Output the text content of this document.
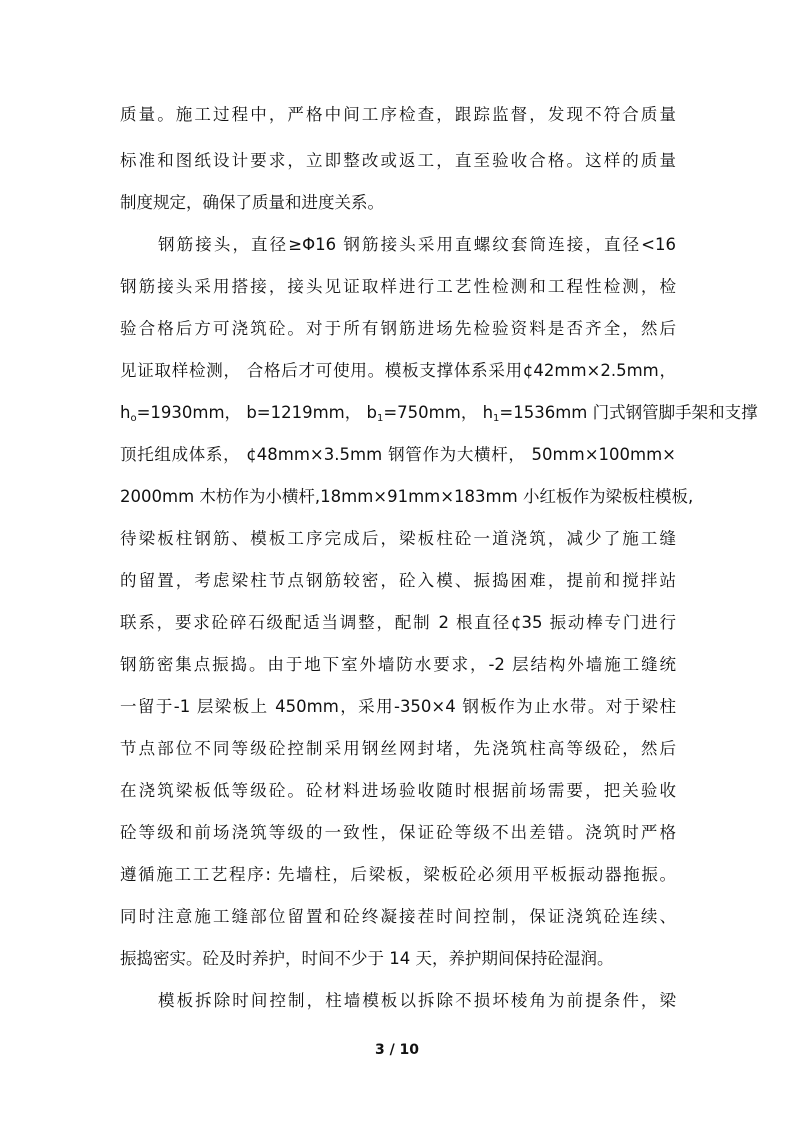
质量。施工过程中，严格中间工序检查，跟踪监督，发现不符合质量
标准和图纸设计要求，立即整改或返工，直至验收合格。这样的质量
制度规定，确保了质量和进度关系。
钢筋接头，直径≥Φ16 钢筋接头采用直螺纹套筒连接，直径<16
钢筋接头采用搭接，接头见证取样进行工艺性检测和工程性检测，检
验合格后方可浇筑砼。对于所有钢筋进场先检验资料是否齐全，然后
见证取样检测， 合格后才可使用。模板支撑体系采用¢42mm×2.5mm，
$h_o=1930mm$， b=1219mm， $b_1=750mm$， $h_1=1536mm$ 门式钢管脚手架和支撑
顶托组成体系， ¢48mm×3.5mm 钢管作为大横杆， 50mm×100mm×
2000mm 木枋作为小横杆,18mm×91mm×183mm 小红板作为梁板柱模板,
待梁板柱钢筋、模板工序完成后，梁板柱砼一道浇筑，减少了施工缝
的留置，考虑梁柱节点钢筋较密，砼入模、振捣困难，提前和搅拌站
联系，要求砼碎石级配适当调整，配制 2 根直径¢35 振动棒专门进行
钢筋密集点振捣。由于地下室外墙防水要求，-2 层结构外墙施工缝统
一留于-1 层梁板上 450mm，采用-350×4 钢板作为止水带。对于梁柱
节点部位不同等级砼控制采用钢丝网封堵，先浇筑柱高等级砼，然后
在浇筑梁板低等级砼。砼材料进场验收随时根据前场需要，把关验收
砼等级和前场浇筑等级的一致性，保证砼等级不出差错。浇筑时严格
遵循施工工艺程序: 先墙柱，后梁板，梁板砼必须用平板振动器拖振。
同时注意施工缝部位留置和砼终凝接茬时间控制，保证浇筑砼连续、
振捣密实。砼及时养护，时间不少于 14 天，养护期间保持砼湿润。
模板拆除时间控制，柱墙模板以拆除不损坏棱角为前提条件，梁
3 / 10
